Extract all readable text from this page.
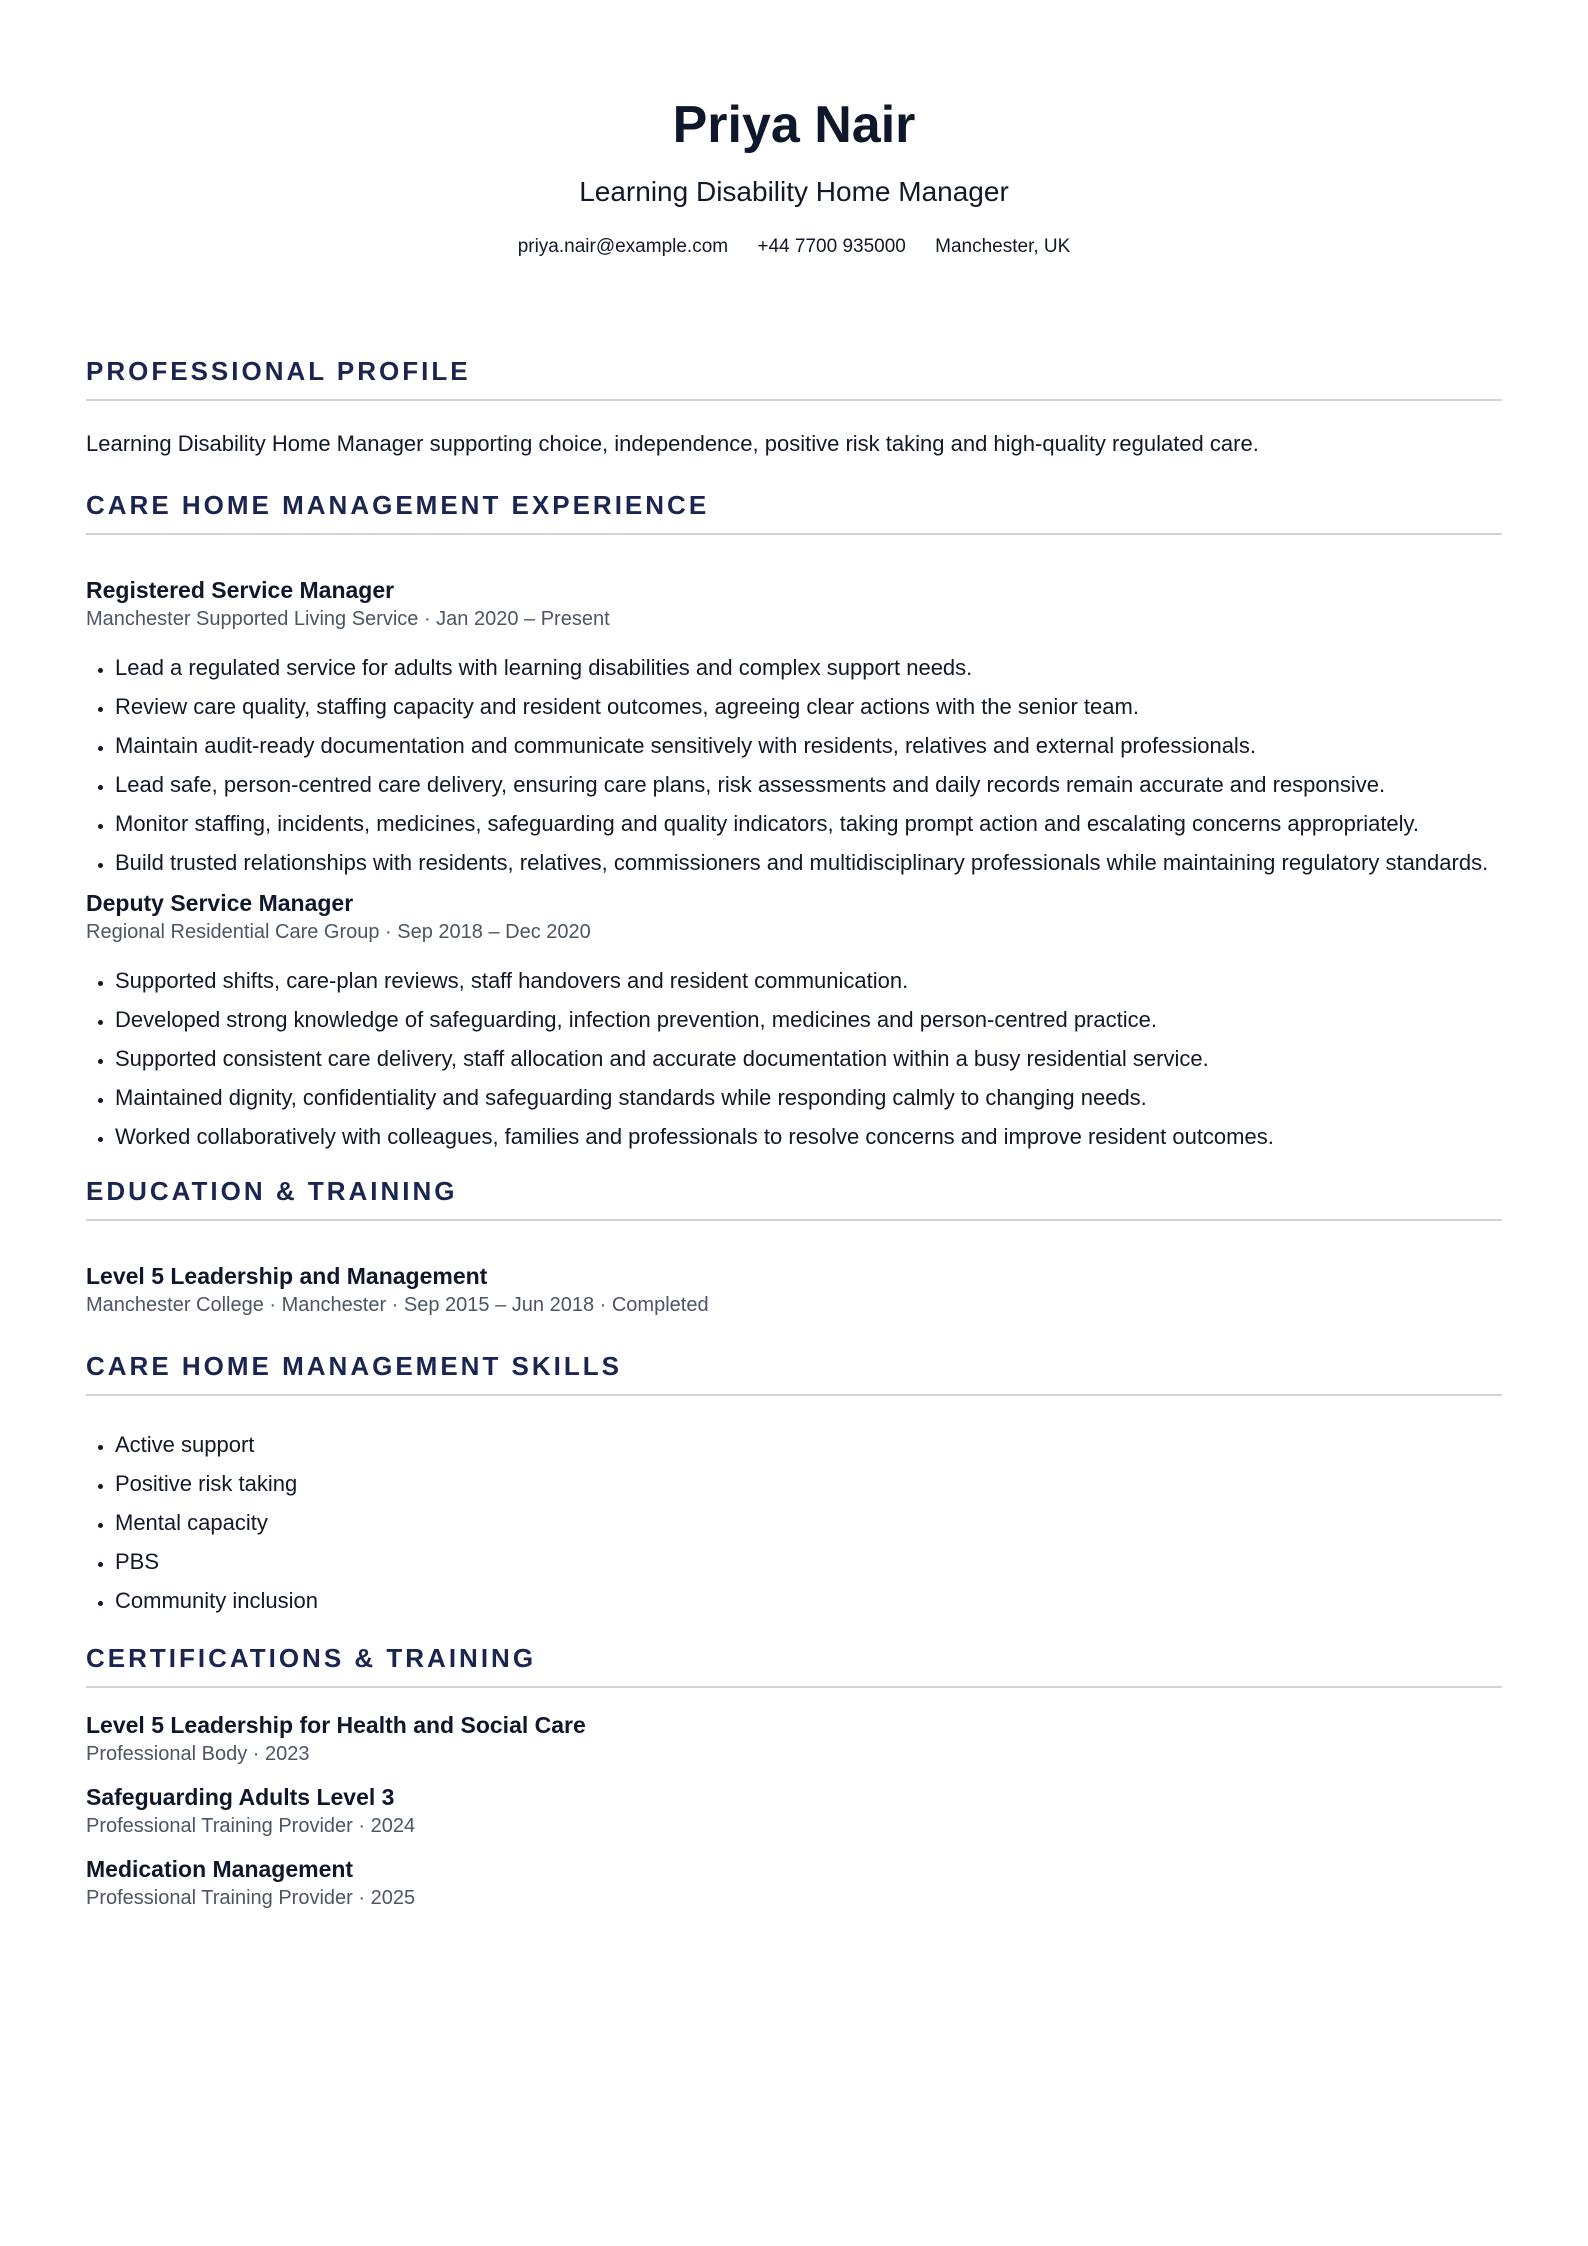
Priya Nair
Learning Disability Home Manager
priya.nair@example.com +44 7700 935000 Manchester, UK
PROFESSIONAL PROFILE
Learning Disability Home Manager supporting choice, independence, positive risk taking and high-quality regulated care.
CARE HOME MANAGEMENT EXPERIENCE
Registered Service Manager
Manchester Supported Living Service · Jan 2020 – Present
• Lead a regulated service for adults with learning disabilities and complex support needs.
• Review care quality, staffing capacity and resident outcomes, agreeing clear actions with the senior team.
• Maintain audit-ready documentation and communicate sensitively with residents, relatives and external professionals.
• Lead safe, person-centred care delivery, ensuring care plans, risk assessments and daily records remain accurate and responsive.
• Monitor staffing, incidents, medicines, safeguarding and quality indicators, taking prompt action and escalating concerns appropriately.
• Build trusted relationships with residents, relatives, commissioners and multidisciplinary professionals while maintaining regulatory standards.
Deputy Service Manager
Regional Residential Care Group · Sep 2018 – Dec 2020
• Supported shifts, care-plan reviews, staff handovers and resident communication.
• Developed strong knowledge of safeguarding, infection prevention, medicines and person-centred practice.
• Supported consistent care delivery, staff allocation and accurate documentation within a busy residential service.
• Maintained dignity, confidentiality and safeguarding standards while responding calmly to changing needs.
• Worked collaboratively with colleagues, families and professionals to resolve concerns and improve resident outcomes.
EDUCATION & TRAINING
Level 5 Leadership and Management
Manchester College · Manchester · Sep 2015 – Jun 2018 · Completed
CARE HOME MANAGEMENT SKILLS
• Active support
• Positive risk taking
• Mental capacity
• PBS
• Community inclusion
CERTIFICATIONS & TRAINING
Level 5 Leadership for Health and Social Care
Professional Body · 2023
Safeguarding Adults Level 3
Professional Training Provider · 2024
Medication Management
Professional Training Provider · 2025
